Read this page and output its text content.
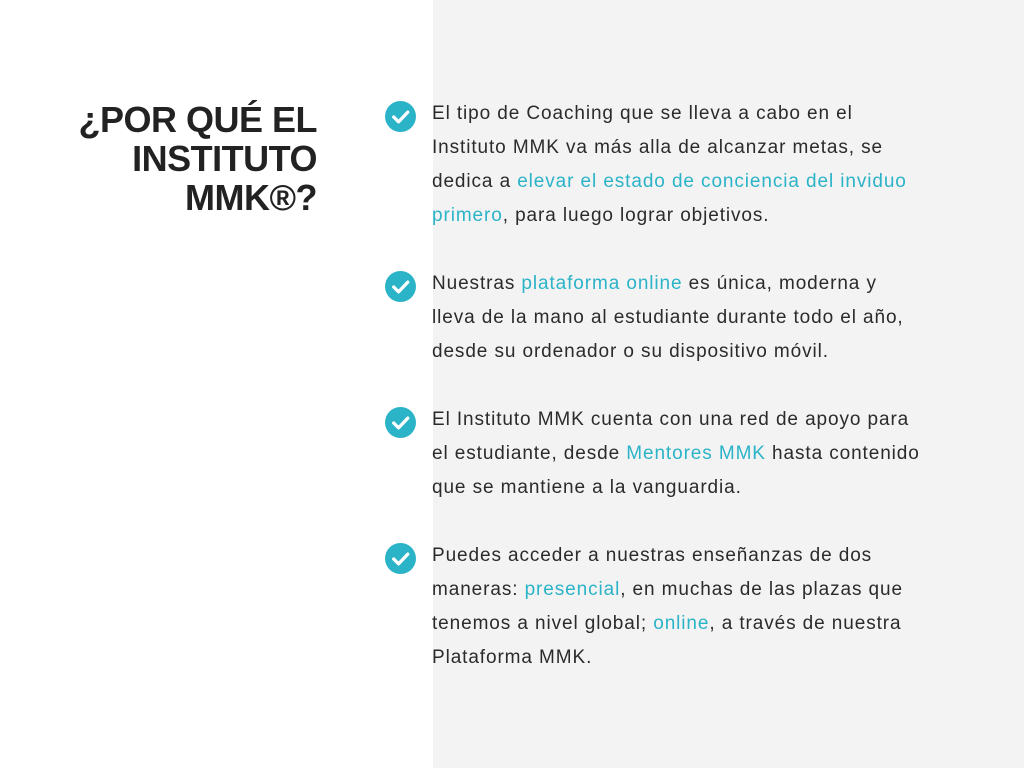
¿POR QUÉ EL
INSTITUTO
MMK®?

El tipo de Coaching que se lleva a cabo en el Instituto MMK va más alla de alcanzar metas, se dedica a elevar el estado de conciencia del inviduo primero, para luego lograr objetivos.

Nuestras plataforma online es única, moderna y lleva de la mano al estudiante durante todo el año, desde su ordenador o su dispositivo móvil.

El Instituto MMK cuenta con una red de apoyo para el estudiante, desde Mentores MMK hasta contenido que se mantiene a la vanguardia.

Puedes acceder a nuestras enseñanzas de dos maneras: presencial, en muchas de las plazas que tenemos a nivel global; online, a través de nuestra Plataforma MMK.
